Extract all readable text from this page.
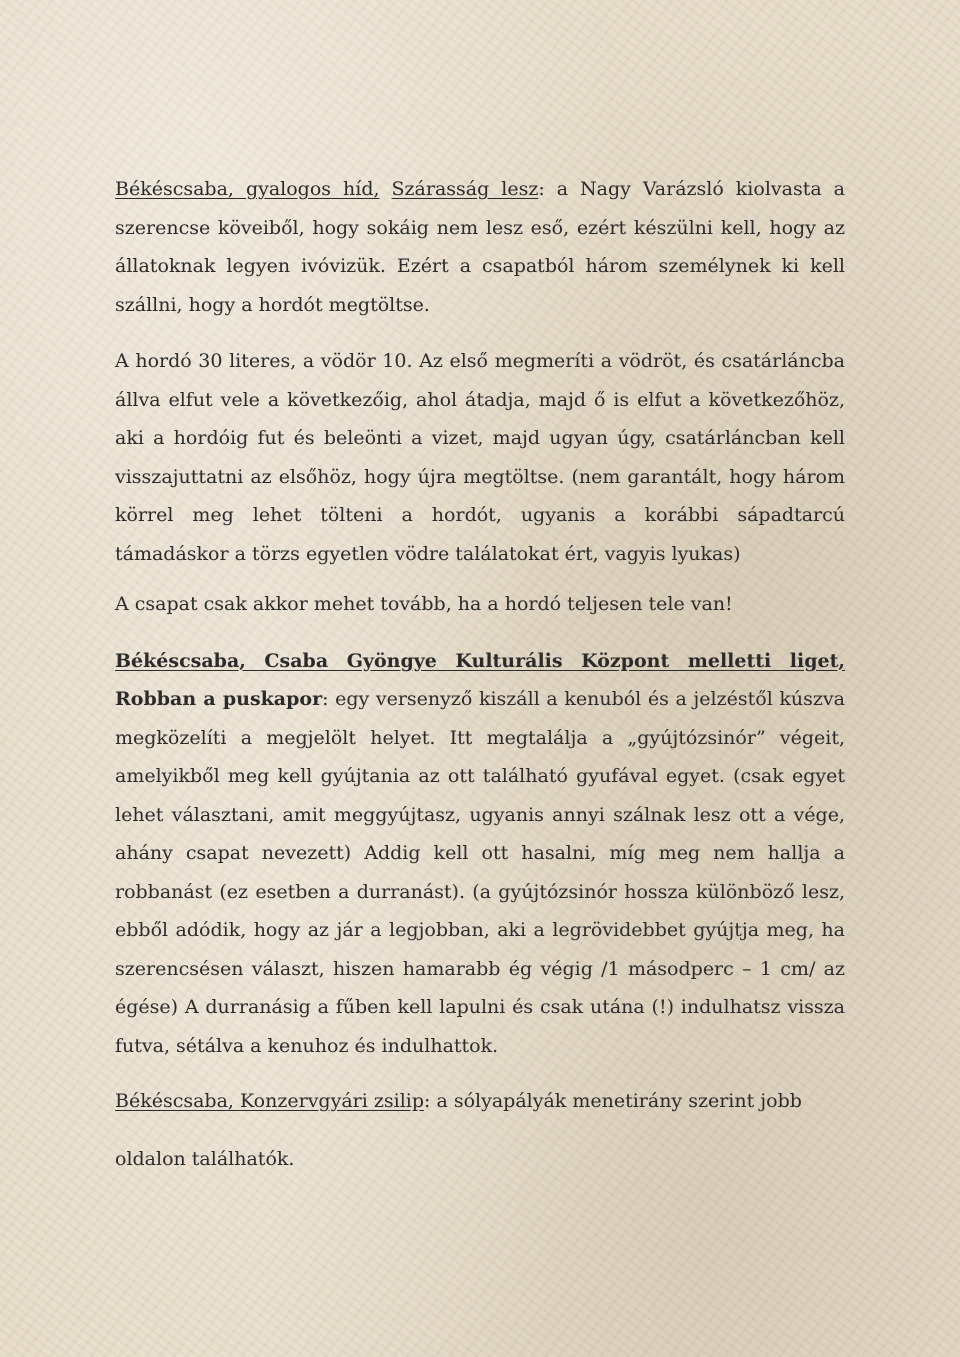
Békéscsaba, gyalogos híd, Szárasság lesz: a Nagy Varázsló kiolvasta a szerencse köveiből, hogy sokáig nem lesz eső, ezért készülni kell, hogy az állatoknak legyen ivóvizük. Ezért a csapatból három személynek ki kell szállni, hogy a hordót megtöltse.

A hordó 30 literes, a vödör 10. Az első megmeríti a vödröt, és csatárláncba állva elfut vele a következőig, ahol átadja, majd ő is elfut a következőhöz, aki a hordóig fut és beleönti a vizet, majd ugyan úgy, csatárláncban kell visszajuttatni az elsőhöz, hogy újra megtöltse. (nem garantált, hogy három körrel meg lehet tölteni a hordót, ugyanis a korábbi sápadtarcú támadáskor a törzs egyetlen vödre találatokat ért, vagyis lyukas)

A csapat csak akkor mehet tovább, ha a hordó teljesen tele van!

Békéscsaba, Csaba Gyöngye Kulturális Központ melletti liget, Robban a puskapor: egy versenyző kiszáll a kenuból és a jelzéstől kúszva megközelíti a megjelölt helyet. Itt megtalálja a „gyújtózsinór” végeit, amelyikből meg kell gyújtania az ott található gyufával egyet. (csak egyet lehet választani, amit meggyújtasz, ugyanis annyi szálnak lesz ott a vége, ahány csapat nevezett) Addig kell ott hasalni, míg meg nem hallja a robbanást (ez esetben a durranást). (a gyújtózsinór hossza különböző lesz, ebből adódik, hogy az jár a legjobban, aki a legrövidebbet gyújtja meg, ha szerencsésen választ, hiszen hamarabb ég végig /1 másodperc – 1 cm/ az égése) A durranásig a fűben kell lapulni és csak utána (!) indulhatsz vissza futva, sétálva a kenuhoz és indulhattok.

Békéscsaba, Konzervgyári zsilip: a sólyapályák menetirány szerint jobb

oldalon találhatók.
